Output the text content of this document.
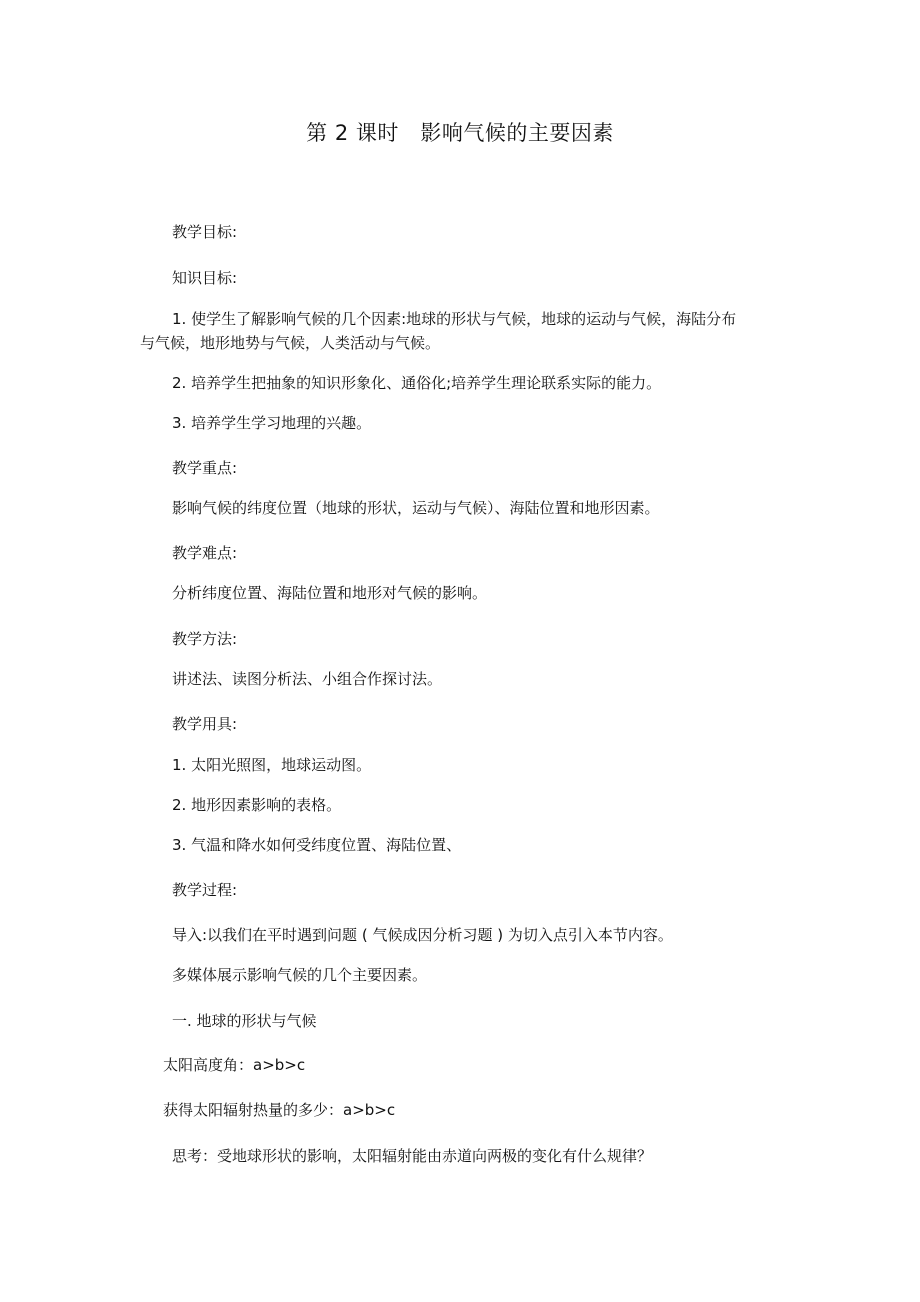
第 2 课时　影响气候的主要因素
教学目标:
知识目标:
1. 使学生了解影响气候的几个因素:地球的形状与气候，地球的运动与气候，海陆分布
与气候，地形地势与气候，人类活动与气候。
2. 培养学生把抽象的知识形象化、通俗化;培养学生理论联系实际的能力。
3. 培养学生学习地理的兴趣。
教学重点:
影响气候的纬度位置（地球的形状，运动与气候）、海陆位置和地形因素。
教学难点:
分析纬度位置、海陆位置和地形对气候的影响。
教学方法:
讲述法、读图分析法、小组合作探讨法。
教学用具:
1. 太阳光照图，地球运动图。
2. 地形因素影响的表格。
3. 气温和降水如何受纬度位置、海陆位置、
教学过程:
导入:以我们在平时遇到问题 ( 气候成因分析习题 ) 为切入点引入本节内容。
多媒体展示影响气候的几个主要因素。
一. 地球的形状与气候
太阳高度角：a>b>c
获得太阳辐射热量的多少：a>b>c
思考：受地球形状的影响，太阳辐射能由赤道向两极的变化有什么规律？
